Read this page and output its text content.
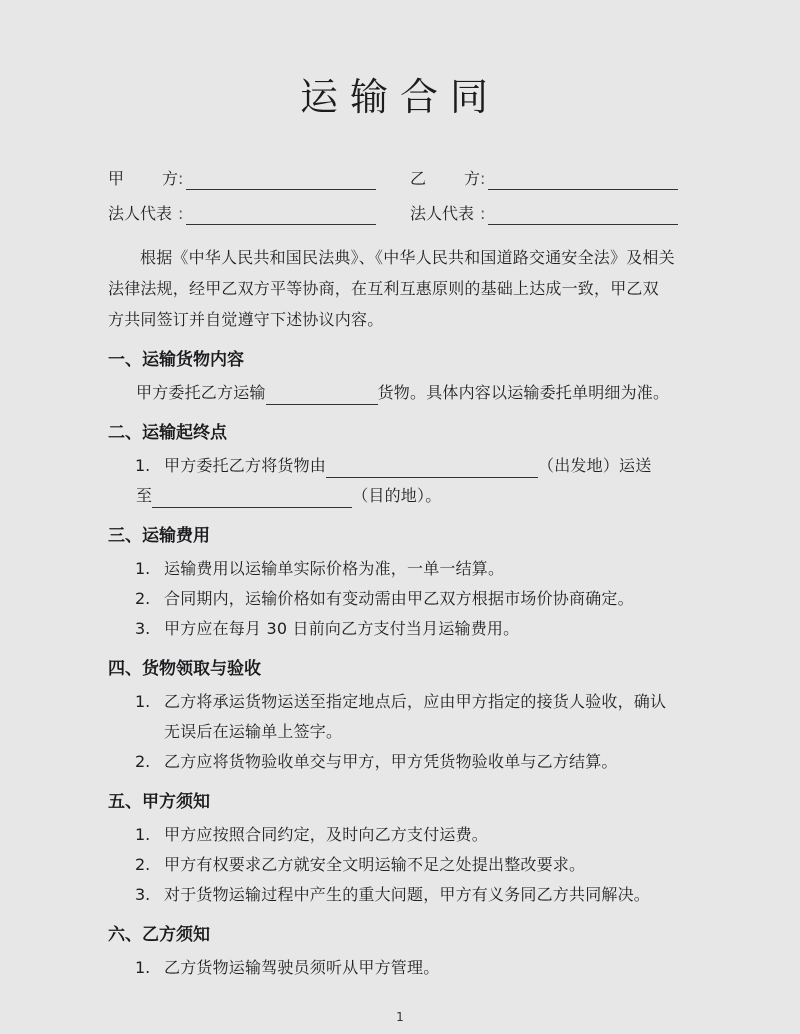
运输合同
甲 方 :	乙 方 :
法人代表 :	法人代表 :
根据《中华人民共和国民法典》、《中华人民共和国道路交通安全法》及相关
法律法规，经甲乙双方平等协商，在互利互惠原则的基础上达成一致，甲乙双
方共同签订并自觉遵守下述协议内容。
一、运输货物内容
甲方委托乙方运输	货物。具体内容以运输委托单明细为准。
二、运输起终点
1. 甲方委托乙方将货物由	（出发地）运送
至	（目的地）。
三、运输费用
1. 运输费用以运输单实际价格为准，一单一结算。
2. 合同期内，运输价格如有变动需由甲乙双方根据市场价协商确定。
3. 甲方应在每月 30 日前向乙方支付当月运输费用。
四、货物领取与验收
1. 乙方将承运货物运送至指定地点后，应由甲方指定的接货人验收，确认
无误后在运输单上签字。
2. 乙方应将货物验收单交与甲方，甲方凭货物验收单与乙方结算。
五、甲方须知
1. 甲方应按照合同约定，及时向乙方支付运费。
2. 甲方有权要求乙方就安全文明运输不足之处提出整改要求。
3. 对于货物运输过程中产生的重大问题，甲方有义务同乙方共同解决。
六、乙方须知
1. 乙方货物运输驾驶员须听从甲方管理。
1
